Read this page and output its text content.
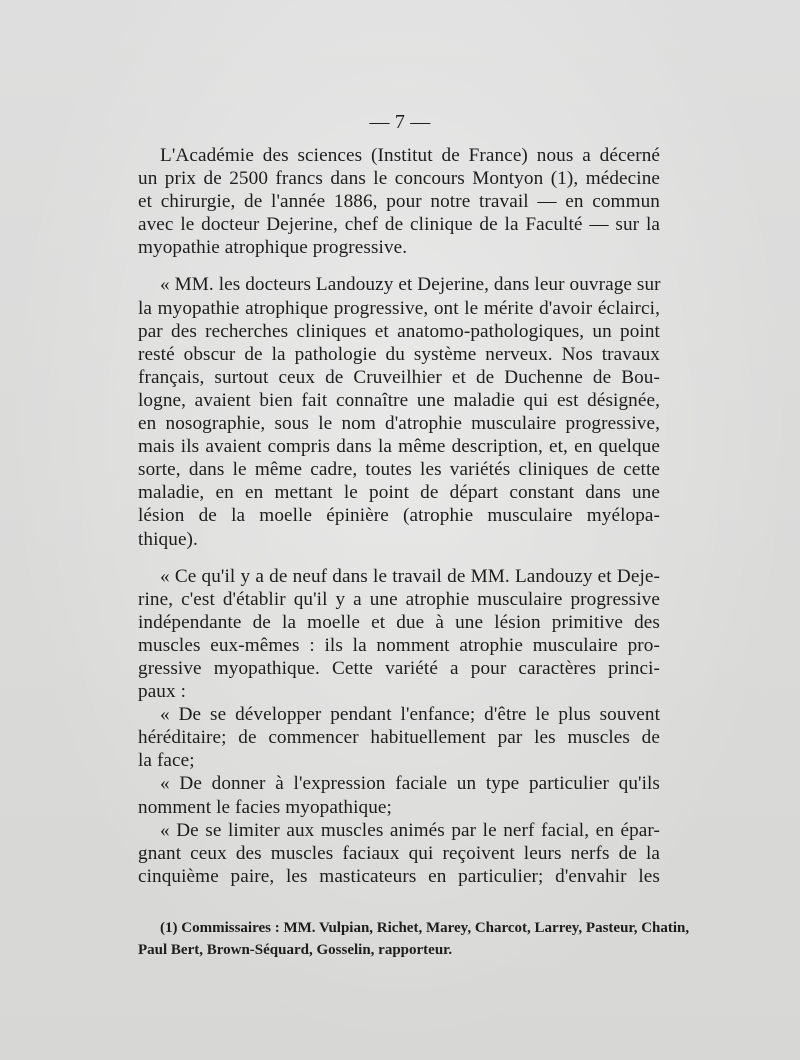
— 7 —
L'Académie des sciences (Institut de France) nous a décerné
un prix de 2500 francs dans le concours Montyon (1), médecine
et chirurgie, de l'année 1886, pour notre travail — en commun
avec le docteur Dejerine, chef de clinique de la Faculté — sur la
myopathie atrophique progressive.
« MM. les docteurs Landouzy et Dejerine, dans leur ouvrage sur
la myopathie atrophique progressive, ont le mérite d'avoir éclairci,
par des recherches cliniques et anatomo-pathologiques, un point
resté obscur de la pathologie du système nerveux. Nos travaux
français, surtout ceux de Cruveilhier et de Duchenne de Bou-
logne, avaient bien fait connaître une maladie qui est désignée,
en nosographie, sous le nom d'atrophie musculaire progressive,
mais ils avaient compris dans la même description, et, en quelque
sorte, dans le même cadre, toutes les variétés cliniques de cette
maladie, en en mettant le point de départ constant dans une
lésion de la moelle épinière (atrophie musculaire myélopa-
thique).
« Ce qu'il y a de neuf dans le travail de MM. Landouzy et Deje-
rine, c'est d'établir qu'il y a une atrophie musculaire progressive
indépendante de la moelle et due à une lésion primitive des
muscles eux-mêmes : ils la nomment atrophie musculaire pro-
gressive myopathique. Cette variété a pour caractères princi-
paux :
« De se développer pendant l'enfance; d'être le plus souvent
héréditaire; de commencer habituellement par les muscles de
la face;
« De donner à l'expression faciale un type particulier qu'ils
nomment le facies myopathique;
« De se limiter aux muscles animés par le nerf facial, en épar-
gnant ceux des muscles faciaux qui reçoivent leurs nerfs de la
cinquième paire, les masticateurs en particulier; d'envahir les
(1) Commissaires : MM. Vulpian, Richet, Marey, Charcot, Larrey, Pasteur, Chatin,
Paul Bert, Brown-Séquard, Gosselin, rapporteur.
